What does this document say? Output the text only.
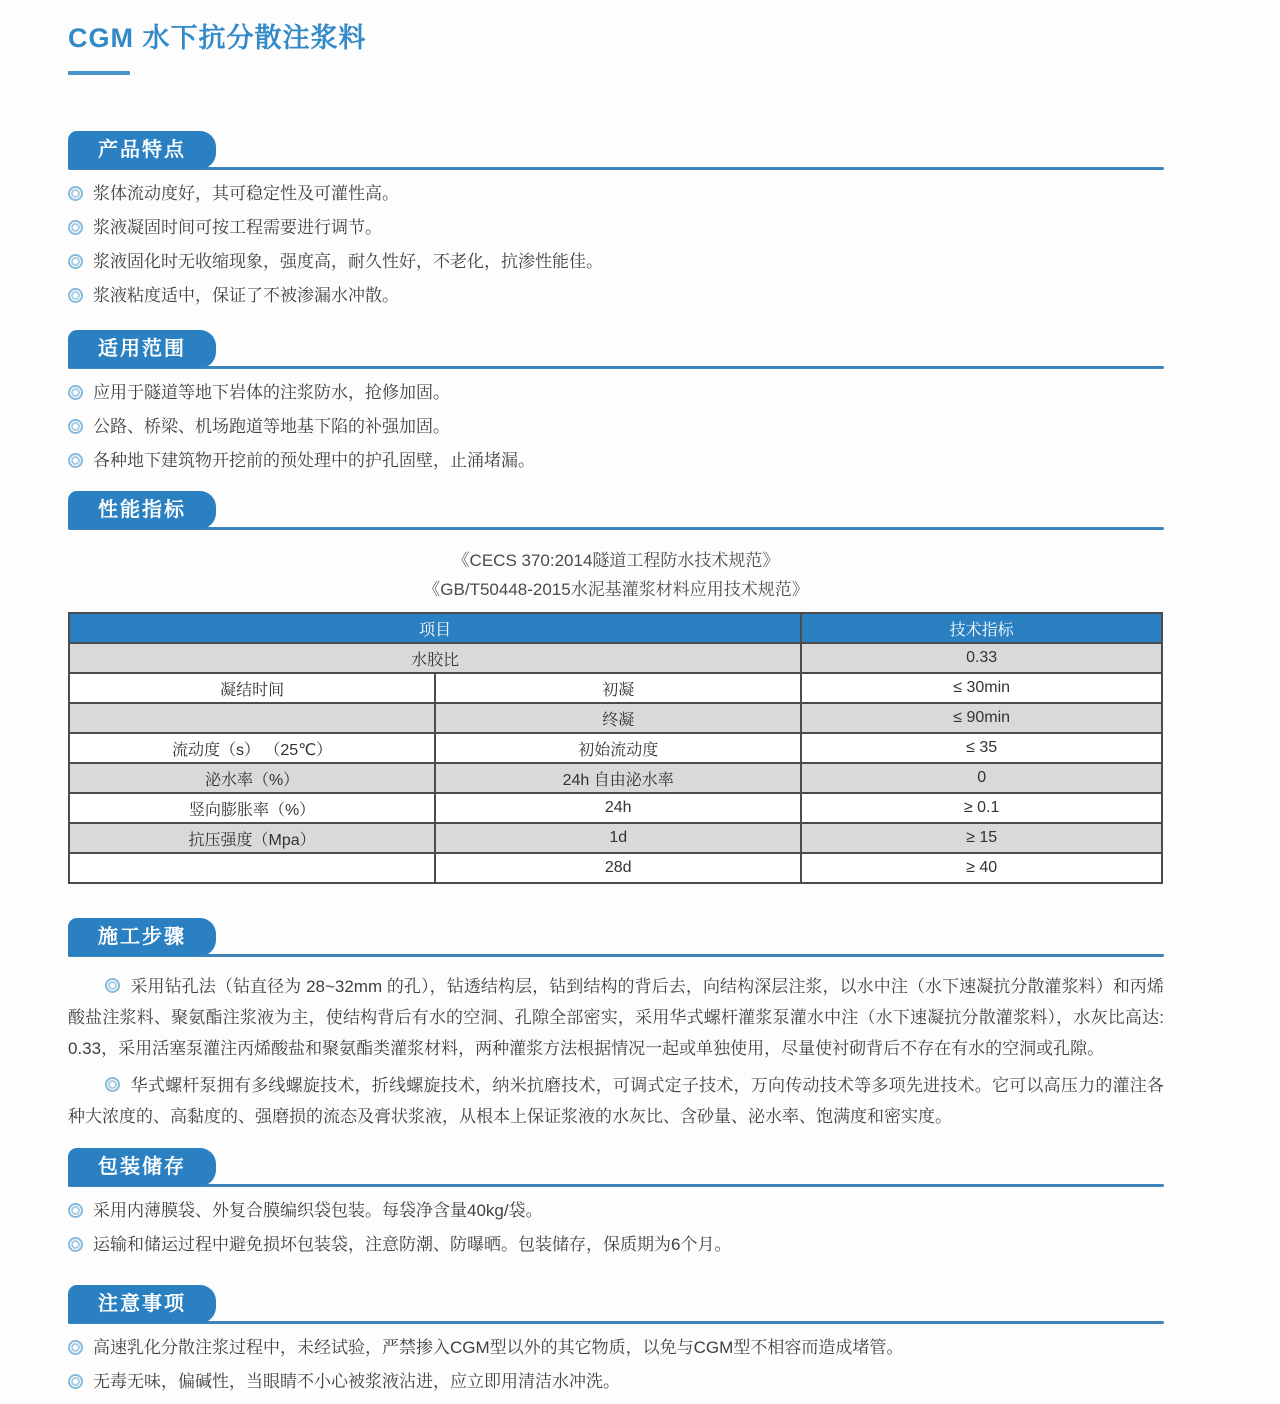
CGM 水下抗分散注浆料
产品特点
浆体流动度好，其可稳定性及可灌性高。
浆液凝固时间可按工程需要进行调节。
浆液固化时无收缩现象，强度高，耐久性好，不老化，抗渗性能佳。
浆液粘度适中，保证了不被渗漏水冲散。
适用范围
应用于隧道等地下岩体的注浆防水，抢修加固。
公路、桥梁、机场跑道等地基下陷的补强加固。
各种地下建筑物开挖前的预处理中的护孔固壁，止涌堵漏。
性能指标
《CECS 370:2014隧道工程防水技术规范》
《GB/T50448-2015水泥基灌浆材料应用技术规范》
项目		技术指标
水胶比		0.33
凝结时间	初凝	≤ 30min
	终凝	≤ 90min
流动度（s） （25℃）	初始流动度	≤ 35
泌水率（%）	24h 自由泌水率	0
竖向膨胀率（%）	24h	≥ 0.1
抗压强度（Mpa）	1d	≥ 15
	28d	≥ 40
施工步骤

采用钻孔法（钻直径为 28~32mm 的孔），钻透结构层，钻到结构的背后去，向结构深层注浆，以水中注（水下速凝抗分散灌浆料）和丙烯酸盐注浆料、聚氨酯注浆液为主，使结构背后有水的空洞、孔隙全部密实，采用华式螺杆灌浆泵灌水中注（水下速凝抗分散灌浆料），水灰比高达: 0.33，采用活塞泵灌注丙烯酸盐和聚氨酯类灌浆材料，两种灌浆方法根据情况一起或单独使用，尽量使衬砌背后不存在有水的空洞或孔隙。

华式螺杆泵拥有多线螺旋技术，折线螺旋技术，纳米抗磨技术，可调式定子技术，万向传动技术等多项先进技术。它可以高压力的灌注各种大浓度的、高黏度的、强磨损的流态及膏状浆液，从根本上保证浆液的水灰比、含砂量、泌水率、饱满度和密实度。

包装储存
采用内薄膜袋、外复合膜编织袋包装。每袋净含量40kg/袋。
运输和储运过程中避免损坏包装袋，注意防潮、防曝晒。包装储存，保质期为6个月。
注意事项
高速乳化分散注浆过程中，未经试验，严禁掺入CGM型以外的其它物质，以免与CGM型不相容而造成堵管。
无毒无味，偏碱性，当眼睛不小心被浆液沾进，应立即用清洁水冲洗。
